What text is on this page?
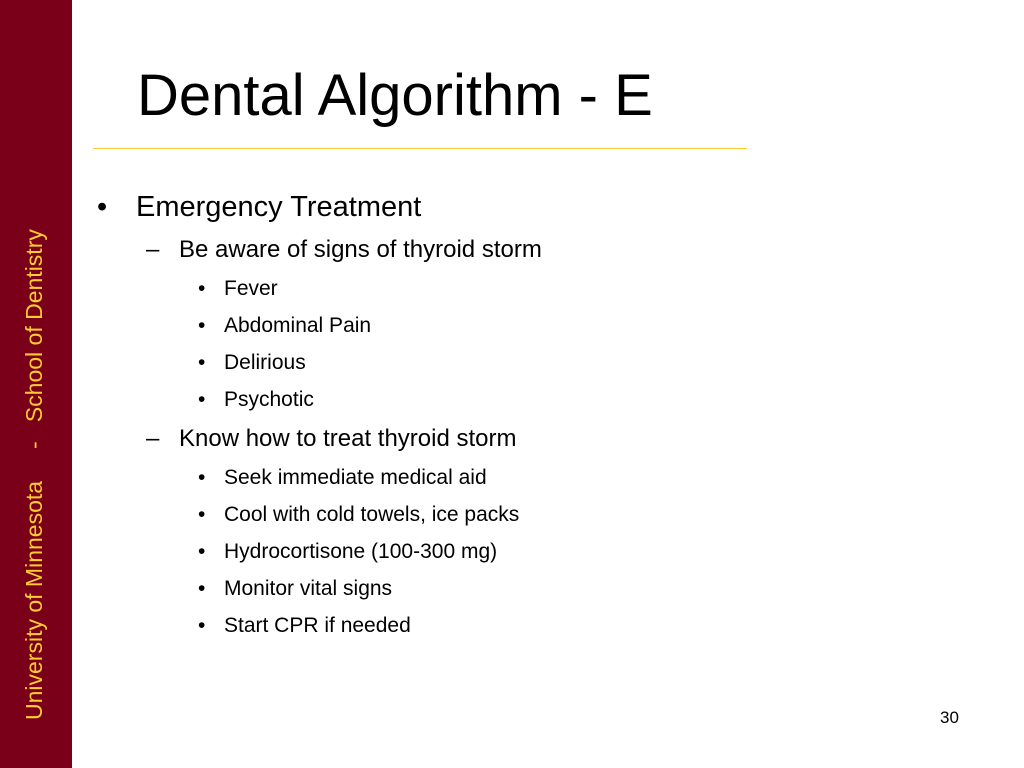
University of Minnesota     -   School of Dentistry
Dental Algorithm - E
• Emergency Treatment
– Be aware of signs of thyroid storm
• Fever
• Abdominal Pain
• Delirious
• Psychotic
– Know how to treat thyroid storm
• Seek immediate medical aid
• Cool with cold towels, ice packs
• Hydrocortisone (100-300 mg)
• Monitor vital signs
• Start CPR if needed
30
